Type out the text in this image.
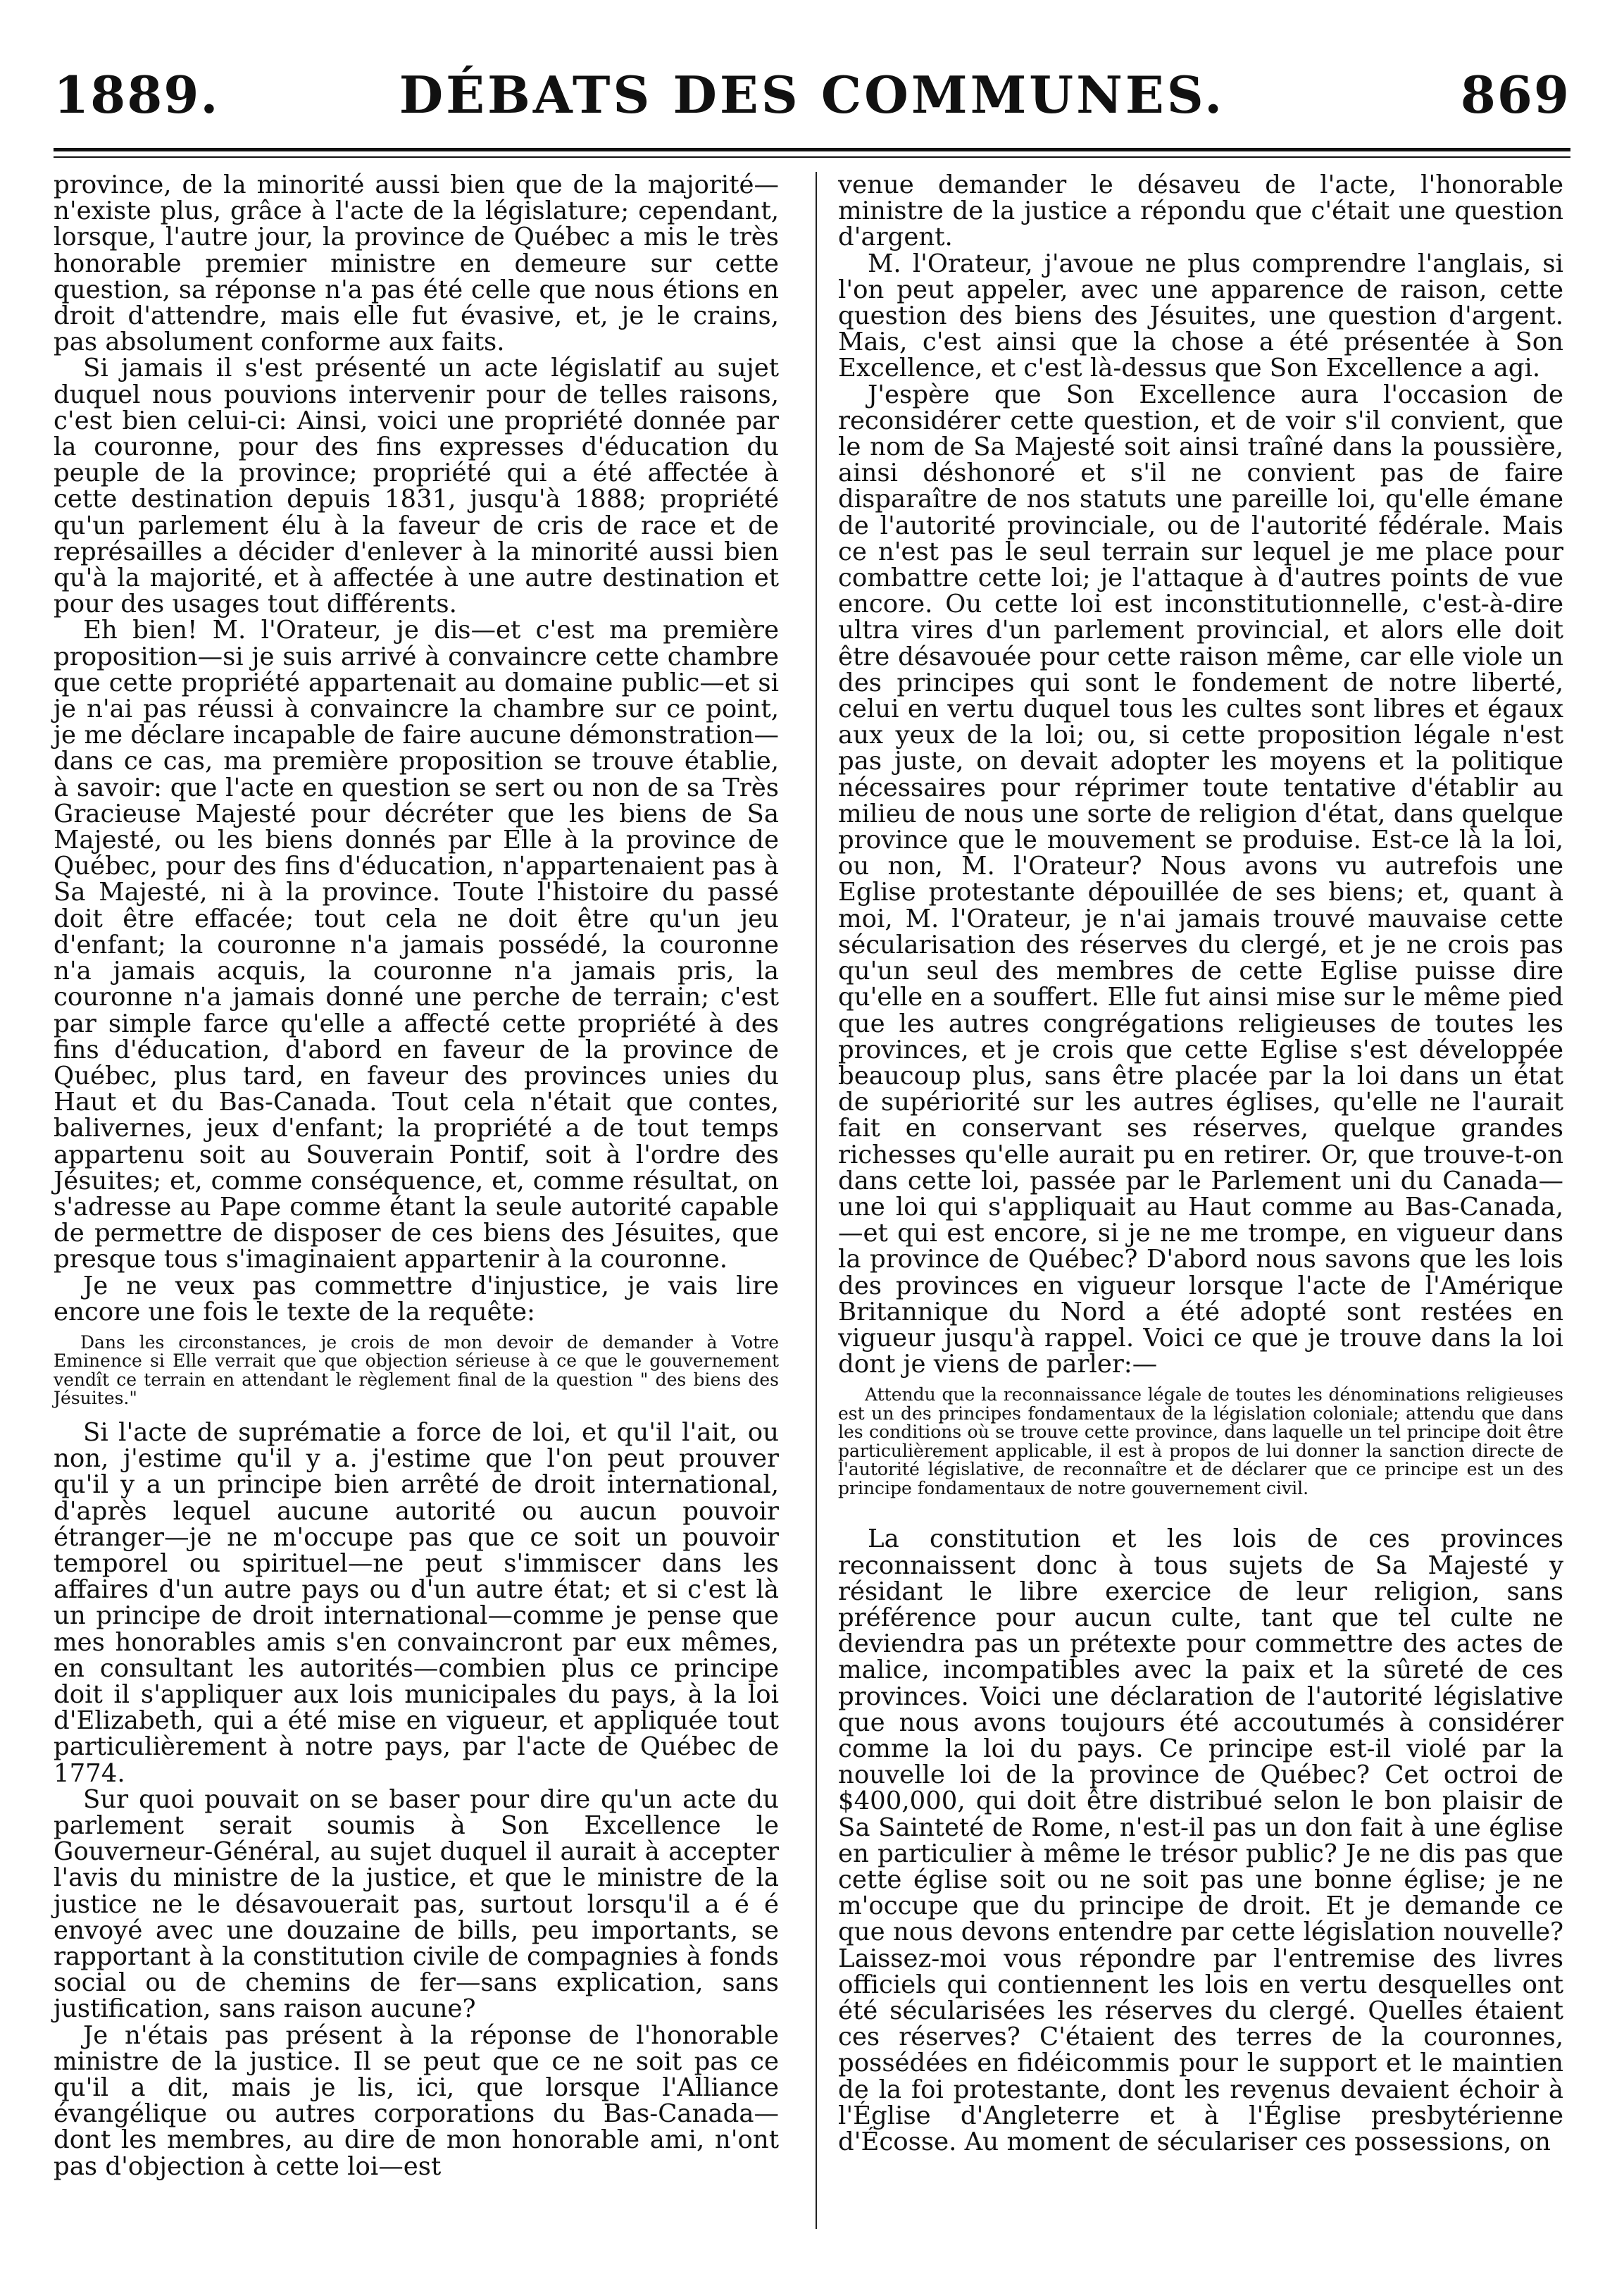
DÉBATS DES COMMUNES.
1889.	869

province, de la minorité aussi bien que de la majorité—n'existe plus, grâce à l'acte de la législature; cependant, lorsque, l'autre jour, la province de Québec a mis le très honorable premier ministre en demeure sur cette question, sa réponse n'a pas été celle que nous étions en droit d'attendre, mais elle fut évasive, et, je le crains, pas absolument conforme aux faits.

Si jamais il s'est présenté un acte législatif au sujet duquel nous pouvions intervenir pour de telles raisons, c'est bien celui-ci: Ainsi, voici une propriété donnée par la couronne, pour des fins expresses d'éducation du peuple de la province; propriété qui a été affectée à cette destination depuis 1831, jusqu'à 1888; propriété qu'un parlement élu à la faveur de cris de race et de représailles a décider d'enlever à la minorité aussi bien qu'à la majorité, et à affectée à une autre destination et pour des usages tout différents.

Eh bien! M. l'Orateur, je dis—et c'est ma première proposition—si je suis arrivé à convaincre cette chambre que cette propriété appartenait au domaine public—et si je n'ai pas réussi à convaincre la chambre sur ce point, je me déclare incapable de faire aucune démonstration—dans ce cas, ma première proposition se trouve établie, à savoir: que l'acte en question se sert ou non de sa Très Gracieuse Majesté pour décréter que les biens de Sa Majesté, ou les biens donnés par Elle à la province de Québec, pour des fins d'éducation, n'appartenaient pas à Sa Majesté, ni à la province. Toute l'histoire du passé doit être effacée; tout cela ne doit être qu'un jeu d'enfant; la couronne n'a jamais possédé, la couronne n'a jamais acquis, la couronne n'a jamais pris, la couronne n'a jamais donné une perche de terrain; c'est par simple farce qu'elle a affecté cette propriété à des fins d'éducation, d'abord en faveur de la province de Québec, plus tard, en faveur des provinces unies du Haut et du Bas-Canada. Tout cela n'était que contes, balivernes, jeux d'enfant; la propriété a de tout temps appartenu soit au Souverain Pontif, soit à l'ordre des Jésuites; et, comme conséquence, et, comme résultat, on s'adresse au Pape comme étant la seule autorité capable de permettre de disposer de ces biens des Jésuites, que presque tous s'imaginaient appartenir à la couronne.

Je ne veux pas commettre d'injustice, je vais lire encore une fois le texte de la requête:

Dans les circonstances, je crois de mon devoir de demander à Votre Eminence si Elle verrait que que objection sérieuse à ce que le gouvernement vendît ce terrain en attendant le règlement final de la question " des biens des Jésuites."

Si l'acte de suprématie a force de loi, et qu'il l'ait, ou non, j'estime qu'il y a. j'estime que l'on peut prouver qu'il y a un principe bien arrêté de droit international, d'après lequel aucune autorité ou aucun pouvoir étranger—je ne m'occupe pas que ce soit un pouvoir temporel ou spirituel—ne peut s'immiscer dans les affaires d'un autre pays ou d'un autre état; et si c'est là un principe de droit international—comme je pense que mes honorables amis s'en convaincront par eux mêmes, en consultant les autorités—combien plus ce principe doit il s'appliquer aux lois municipales du pays, à la loi d'Elizabeth, qui a été mise en vigueur, et appliquée tout particulièrement à notre pays, par l'acte de Québec de 1774.

Sur quoi pouvait on se baser pour dire qu'un acte du parlement serait soumis à Son Excellence le Gouverneur-Général, au sujet duquel il aurait à accepter l'avis du ministre de la justice, et que le ministre de la justice ne le désavouerait pas, surtout lorsqu'il a é é envoyé avec une douzaine de bills, peu importants, se rapportant à la constitution civile de compagnies à fonds social ou de chemins de fer—sans explication, sans justification, sans raison aucune?

Je n'étais pas présent à la réponse de l'honorable ministre de la justice. Il se peut que ce ne soit pas ce qu'il a dit, mais je lis, ici, que lorsque l'Alliance évangélique ou autres corporations du Bas-Canada—dont les membres, au dire de mon honorable ami, n'ont pas d'objection à cette loi—est

venue demander le désaveu de l'acte, l'honorable ministre de la justice a répondu que c'était une question d'argent.

M. l'Orateur, j'avoue ne plus comprendre l'anglais, si l'on peut appeler, avec une apparence de raison, cette question des biens des Jésuites, une question d'argent. Mais, c'est ainsi que la chose a été présentée à Son Excellence, et c'est là-dessus que Son Excellence a agi.

J'espère que Son Excellence aura l'occasion de reconsidérer cette question, et de voir s'il convient, que le nom de Sa Majesté soit ainsi traîné dans la poussière, ainsi déshonoré et s'il ne convient pas de faire disparaître de nos statuts une pareille loi, qu'elle émane de l'autorité provinciale, ou de l'autorité fédérale. Mais ce n'est pas le seul terrain sur lequel je me place pour combattre cette loi; je l'attaque à d'autres points de vue encore. Ou cette loi est inconstitutionnelle, c'est-à-dire ultra vires d'un parlement provincial, et alors elle doit être désavouée pour cette raison même, car elle viole un des principes qui sont le fondement de notre liberté, celui en vertu duquel tous les cultes sont libres et égaux aux yeux de la loi; ou, si cette proposition légale n'est pas juste, on devait adopter les moyens et la politique nécessaires pour réprimer toute tentative d'établir au milieu de nous une sorte de religion d'état, dans quelque province que le mouvement se produise. Est-ce là la loi, ou non, M. l'Orateur? Nous avons vu autrefois une Eglise protestante dépouillée de ses biens; et, quant à moi, M. l'Orateur, je n'ai jamais trouvé mauvaise cette sécularisation des réserves du clergé, et je ne crois pas qu'un seul des membres de cette Eglise puisse dire qu'elle en a souffert. Elle fut ainsi mise sur le même pied que les autres congrégations religieuses de toutes les provinces, et je crois que cette Eglise s'est développée beaucoup plus, sans être placée par la loi dans un état de supériorité sur les autres églises, qu'elle ne l'aurait fait en conservant ses réserves, quelque grandes richesses qu'elle aurait pu en retirer. Or, que trouve-t-on dans cette loi, passée par le Parlement uni du Canada—une loi qui s'appliquait au Haut comme au Bas-Canada,—et qui est encore, si je ne me trompe, en vigueur dans la province de Québec? D'abord nous savons que les lois des provinces en vigueur lorsque l'acte de l'Amérique Britannique du Nord a été adopté sont restées en vigueur jusqu'à rappel. Voici ce que je trouve dans la loi dont je viens de parler:—

Attendu que la reconnaissance légale de toutes les dénominations religieuses est un des principes fondamentaux de la législation coloniale; attendu que dans les conditions où se trouve cette province, dans laquelle un tel principe doit être particulièrement applicable, il est à propos de lui donner la sanction directe de l'autorité législative, de reconnaître et de déclarer que ce principe est un des principe fondamentaux de notre gouvernement civil.

La constitution et les lois de ces provinces reconnaissent donc à tous sujets de Sa Majesté y résidant le libre exercice de leur religion, sans préférence pour aucun culte, tant que tel culte ne deviendra pas un prétexte pour commettre des actes de malice, incompatibles avec la paix et la sûreté de ces provinces. Voici une déclaration de l'autorité législative que nous avons toujours été accoutumés à considérer comme la loi du pays. Ce principe est-il violé par la nouvelle loi de la province de Québec? Cet octroi de $400,000, qui doit être distribué selon le bon plaisir de Sa Sainteté de Rome, n'est-il pas un don fait à une église en particulier à même le trésor public? Je ne dis pas que cette église soit ou ne soit pas une bonne église; je ne m'occupe que du principe de droit. Et je demande ce que nous devons entendre par cette législation nouvelle? Laissez-moi vous répondre par l'entremise des livres officiels qui contiennent les lois en vertu desquelles ont été sécularisées les réserves du clergé. Quelles étaient ces réserves? C'étaient des terres de la couronnes, possédées en fidéicommis pour le support et le maintien de la foi protestante, dont les revenus devaient échoir à l'Église d'Angleterre et à l'Église presbytérienne d'Écosse. Au moment de séculariser ces possessions, on
